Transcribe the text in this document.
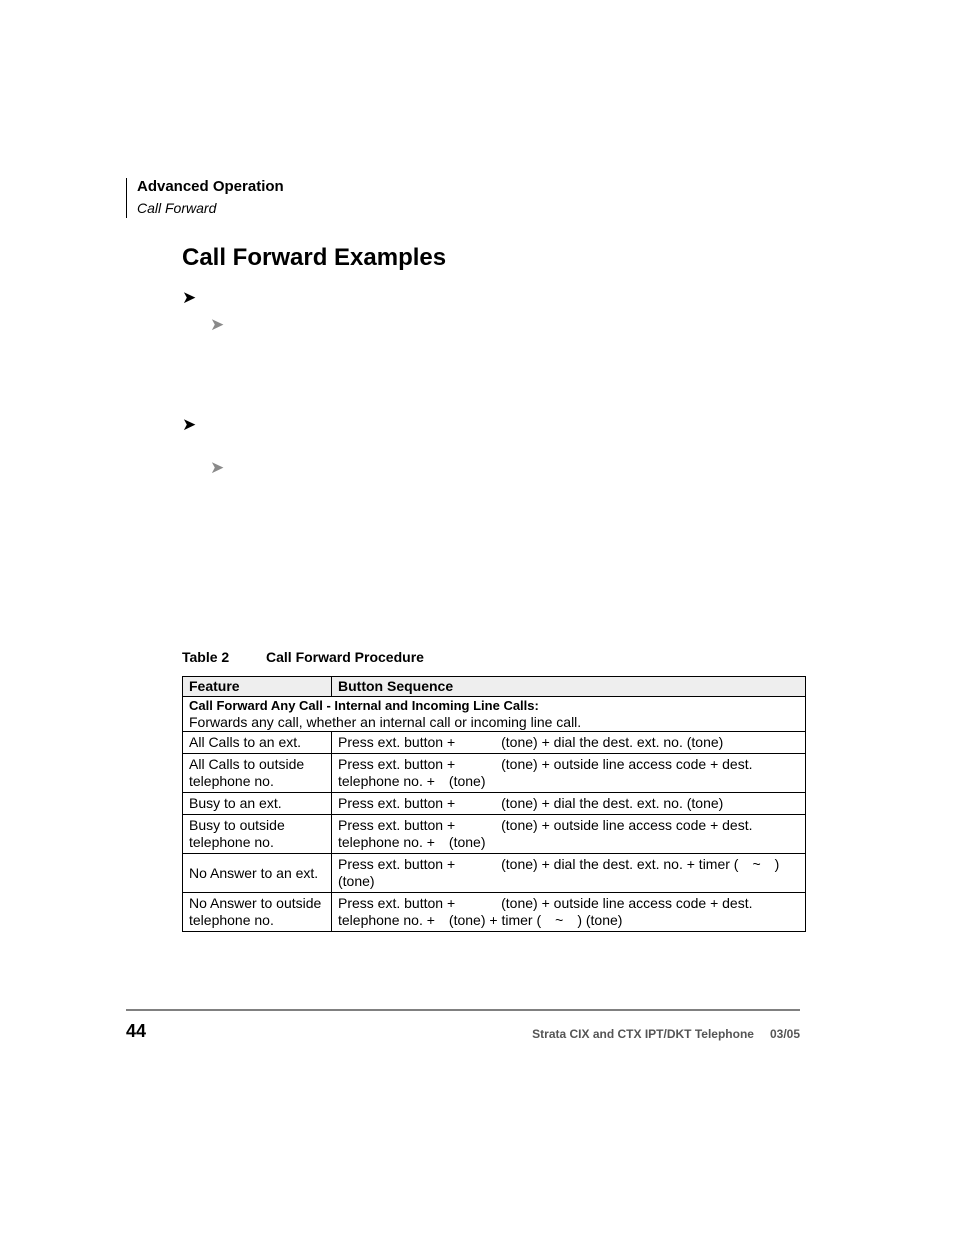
Advanced Operation
Call Forward
Call Forward Examples
➤
➤
➤
➤
Table 2	Call Forward Procedure
Feature	Button Sequence

Call Forward Any Call - Internal and Incoming Line Calls:
Forwards any call, whether an internal call or incoming line call.	

All Calls to an ext.	Press ext. button + (tone) + dial the dest. ext. no. (tone)
All Calls to outside telephone no.	Press ext. button + (tone) + outside line access code + dest.
telephone no. + (tone)
Busy to an ext.	Press ext. button + (tone) + dial the dest. ext. no. (tone)
Busy to outside telephone no.	Press ext. button + (tone) + outside line access code + dest.
telephone no. + (tone)
No Answer to an ext.	Press ext. button + (tone) + dial the dest. ext. no. + timer ( ~ )
(tone)
No Answer to outside telephone no.	Press ext. button + (tone) + outside line access code + dest.
telephone no. + (tone) + timer ( ~ ) (tone)
44	Strata CIX and CTX IPT/DKT Telephone 03/05
